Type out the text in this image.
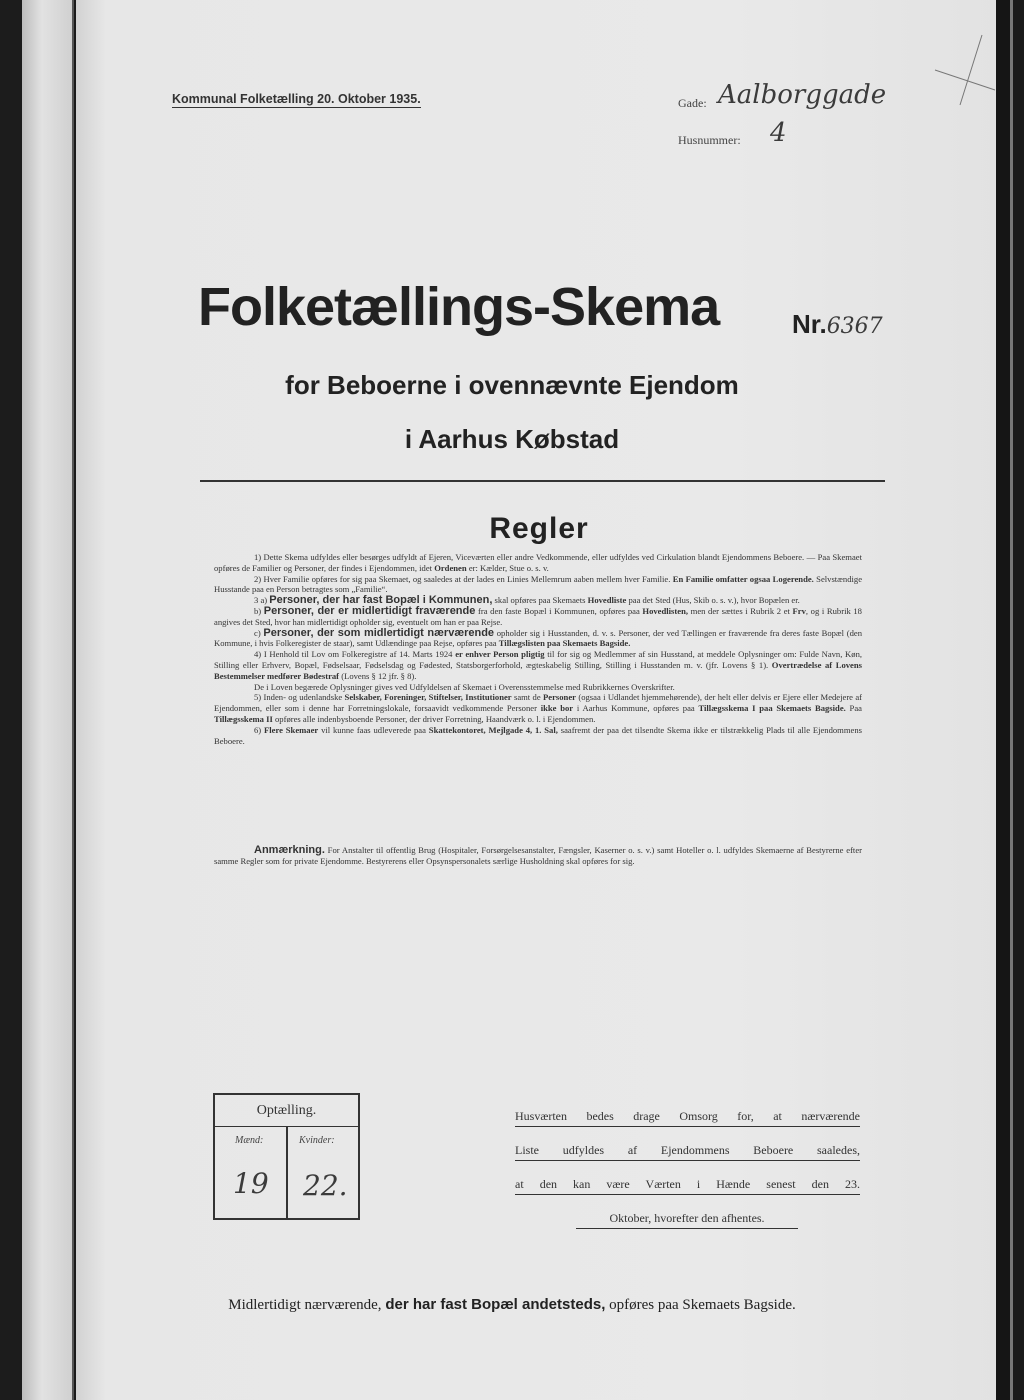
Kommunal Folketælling 20. Oktober 1935.	Gade: Aalborggade
Husnummer: 4
Folketællings-Skema	Nr.6367
for Beboerne i ovennævnte Ejendom
i Aarhus Købstad
Regler

1) Dette Skema udfyldes eller besørges udfyldt af Ejeren, Viceværten eller andre Vedkommende, eller udfyldes ved Cirkulation blandt Ejendommens Beboere. — Paa Skemaet opføres de Familier og Personer, der findes i Ejendommen, idet Ordenen er: Kælder, Stue o. s. v.

2) Hver Familie opføres for sig paa Skemaet, og saaledes at der lades en Linies Mellemrum aaben mellem hver Familie. En Familie omfatter ogsaa Logerende. Selvstændige Husstande paa en Person betragtes som „Familie“.

3 a) Personer, der har fast Bopæl i Kommunen, skal opføres paa Skemaets Hovedliste paa det Sted (Hus, Skib o. s. v.), hvor Bopælen er.

b) Personer, der er midlertidigt fraværende fra den faste Bopæl i Kommunen, opføres paa Hovedlisten, men der sættes i Rubrik 2 et Frv, og i Rubrik 18 angives det Sted, hvor han midlertidigt opholder sig, eventuelt om han er paa Rejse.

c) Personer, der som midlertidigt nærværende opholder sig i Husstanden, d. v. s. Personer, der ved Tællingen er fraværende fra deres faste Bopæl (den Kommune, i hvis Folkeregister de staar), samt Udlændinge paa Rejse, opføres paa Tillægslisten paa Skemaets Bagside.

4) I Henhold til Lov om Folkeregistre af 14. Marts 1924 er enhver Person pligtig til for sig og Medlemmer af sin Husstand, at meddele Oplysninger om: Fulde Navn, Køn, Stilling eller Erhverv, Bopæl, Fødselsaar, Fødselsdag og Fødested, Statsborgerforhold, ægteskabelig Stilling, Stilling i Husstanden m. v. (jfr. Lovens § 1). Overtrædelse af Lovens Bestemmelser medfører Bødestraf (Lovens § 12 jfr. § 8).

De i Loven begærede Oplysninger gives ved Udfyldelsen af Skemaet i Overensstemmelse med Rubrikkernes Overskrifter.

5) Inden- og udenlandske Selskaber, Foreninger, Stiftelser, Institutioner samt de Personer (ogsaa i Udlandet hjemmehørende), der helt eller delvis er Ejere eller Medejere af Ejendommen, eller som i denne har Forretningslokale, forsaavidt vedkommende Personer ikke bor i Aarhus Kommune, opføres paa Tillægsskema I paa Skemaets Bagside. Paa Tillægsskema II opføres alle indenbysboende Personer, der driver Forretning, Haandværk o. l. i Ejendommen.

6) Flere Skemaer vil kunne faas udleverede paa Skattekontoret, Mejlgade 4, 1. Sal, saafremt der paa det tilsendte Skema ikke er tilstrækkelig Plads til alle Ejendommens Beboere.

Anmærkning. For Anstalter til offentlig Brug (Hospitaler, Forsørgelsesanstalter, Fængsler, Kaserner o. s. v.) samt Hoteller o. l. udfyldes Skemaerne af Bestyrerne efter samme Regler som for private Ejendomme. Bestyrerens eller Opsynspersonalets særlige Husholdning skal opføres for sig.
Optælling.
Mænd:	Kvinder:
19 22.
Husværten bedes drage Omsorg for, at nærværende
Liste udfyldes af Ejendommens Beboere saaledes,
at den kan være Værten i Hænde senest den 23.
Oktober, hvorefter den afhentes.
Midlertidigt nærværende, der har fast Bopæl andetsteds, opføres paa Skemaets Bagside.
